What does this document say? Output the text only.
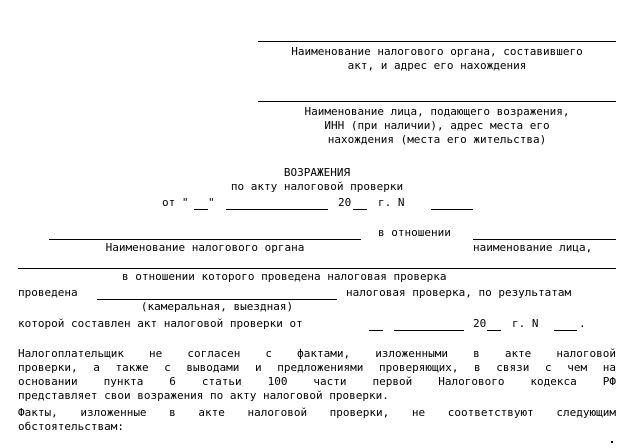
Наименование налогового органа, составившего
акт, и адрес его нахождения
Наименование лица, подающего возражения,
ИНН (при наличии), адрес места его
нахождения (места его жительства)
ВОЗРАЖЕНИЯ
по акту налоговой проверки
от " "	20 г. N
в отношении
Наименование налогового органа	наименование лица,
в отношении которого проведена налоговая проверка
проведена	налоговая проверка, по результатам
(камеральная, выездная)
которой составлен акт налоговой проверки от	20 г. N	.
Налогоплательщик не согласен с фактами, изложенными в акте налоговой
проверки, а также с выводами и предложениями проверяющих, в связи с чем на
основании пункта 6 статьи 100 части первой Налогового кодекса РФ
представляет свои возражения по акту налоговой проверки.
Факты, изложенные в акте налоговой проверки, не соответствуют следующим
обстоятельствам:
